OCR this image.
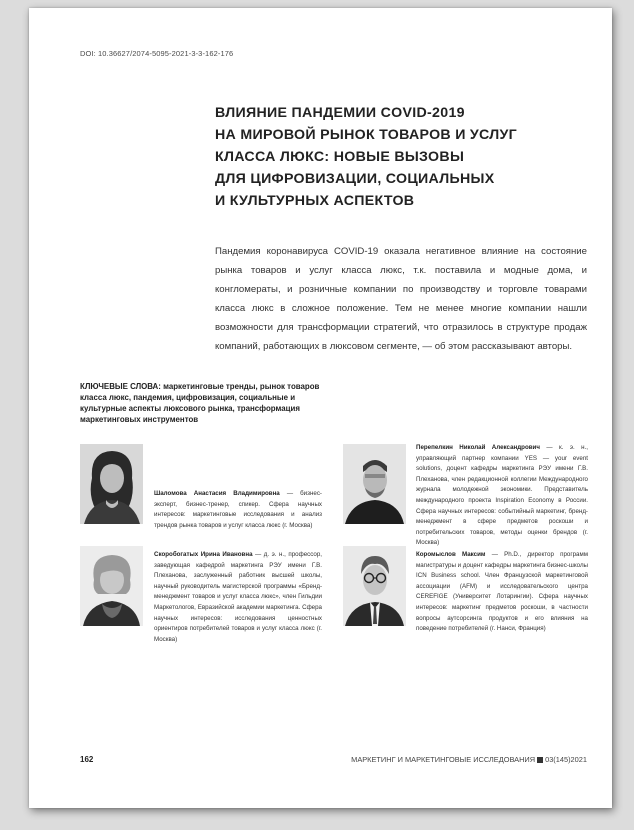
DOI: 10.36627/2074-5095-2021-3-3-162-176
ВЛИЯНИЕ ПАНДЕМИИ COVID-2019
НА МИРОВОЙ РЫНОК ТОВАРОВ И УСЛУГ
КЛАССА ЛЮКС: НОВЫЕ ВЫЗОВЫ
ДЛЯ ЦИФРОВИЗАЦИИ, СОЦИАЛЬНЫХ
И КУЛЬТУРНЫХ АСПЕКТОВ
Пандемия коронавируса COVID-19 оказала негативное влияние на состояние рынка товаров и услуг класса люкс, т.к. поставила и модные дома, и конгломераты, и розничные компании по производству и торговле товарами класса люкс в сложное положение. Тем не менее многие компании нашли возможности для трансформации стратегий, что отразилось в структуре продаж компаний, работающих в люксовом сегменте, — об этом рассказывают авторы.
КЛЮЧЕВЫЕ СЛОВА: маркетинговые тренды, рынок товаров класса люкс, пандемия, цифровизация, социальные и культурные аспекты люксового рынка, трансформация маркетинговых инструментов
Шаломова Анастасия Владимировна — бизнес-эксперт, бизнес-тренер, спикер. Сфера научных интересов: маркетинговые исследования и анализ трендов рынка товаров и услуг класса люкс (г. Москва)
Скоробогатых Ирина Ивановна — д. э. н., профессор, заведующая кафедрой маркетинга РЭУ имени Г.В. Плеханова, заслуженный работник высшей школы, научный руководитель магистерской программы «Бренд-менеджмент товаров и услуг класса люкс», член Гильдии Маркетологов, Евразийской академии маркетинга. Сфера научных интересов: исследования ценностных ориентиров потребителей товаров и услуг класса люкс (г. Москва)
Перепелкин Николай Александрович — к. э. н., управляющий партнер компании YES — your event solutions, доцент кафедры маркетинга РЭУ имени Г.В. Плеханова, член редакционной коллегии Международного журнала молодежной экономики. Представитель международного проекта Inspiration Economy в России. Сфера научных интересов: событийный маркетинг, бренд-менеджмент в сфере предметов роскоши и потребительских товаров, методы оценки брендов (г. Москва)
Коромыслов Максим — Ph.D., директор программ магистратуры и доцент кафедры маркетинга бизнес-школы ICN Business school. Член Французской маркетинговой ассоциации (AFM) и исследовательского центра CEREFIGE (Университет Лотарингии). Сфера научных интересов: маркетинг предметов роскоши, в частности вопросы аутсорсинга продуктов и его влияния на поведение потребителей (г. Нанси, Франция)
162	МАРКЕТИНГ И МАРКЕТИНГОВЫЕ ИССЛЕДОВАНИЯ 03(145)2021
